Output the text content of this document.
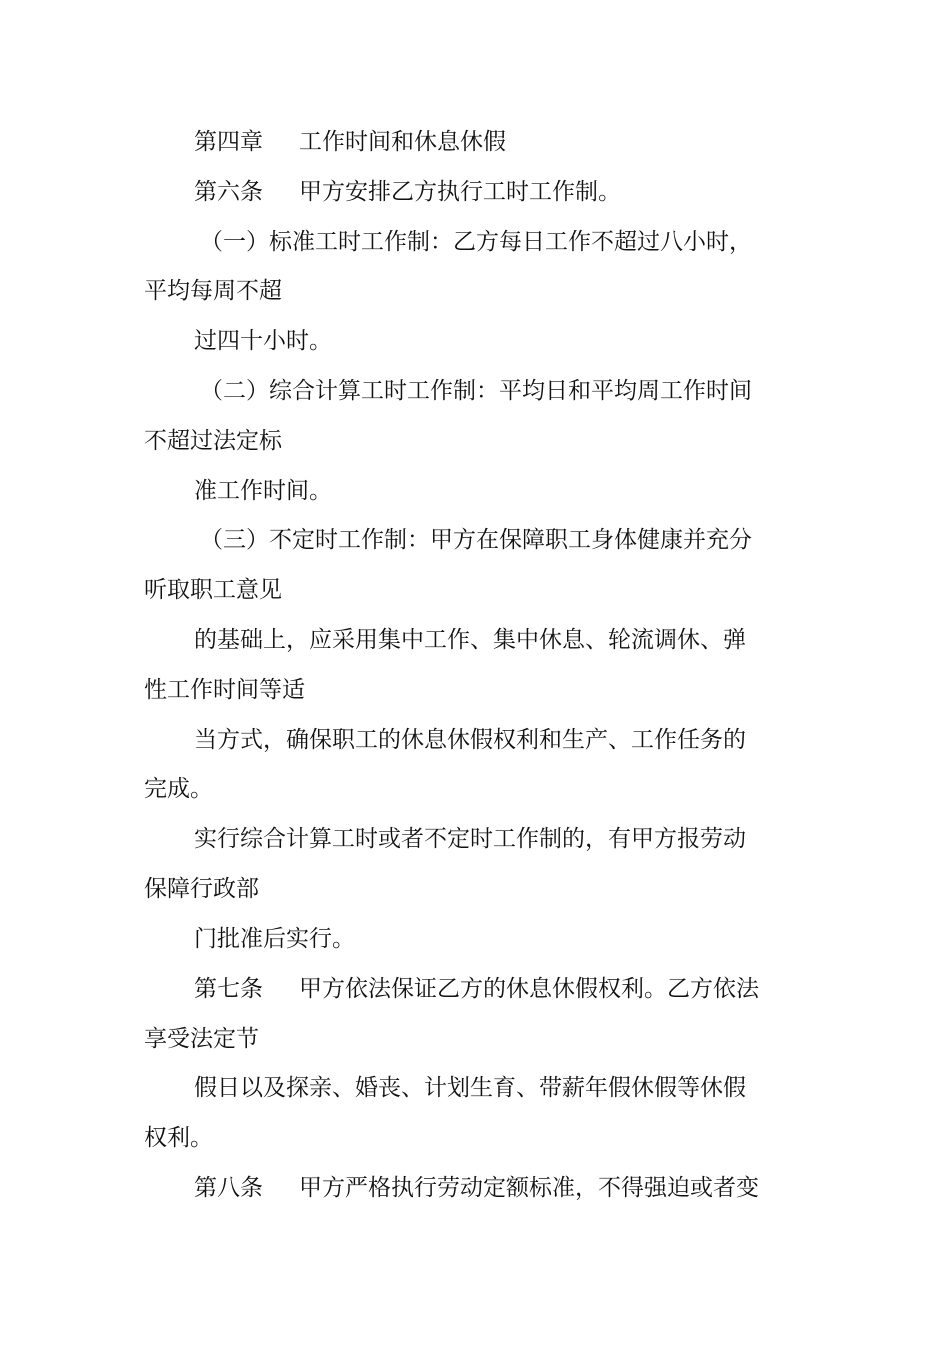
第四章 工作时间和休息休假
第六条 甲方安排乙方执行工时工作制。
（一）标准工时工作制：乙方每日工作不超过八小时，
平均每周不超
过四十小时。
（二）综合计算工时工作制：平均日和平均周工作时间
不超过法定标
准工作时间。
（三）不定时工作制：甲方在保障职工身体健康并充分
听取职工意见
的基础上，应采用集中工作、集中休息、轮流调休、弹
性工作时间等适
当方式，确保职工的休息休假权利和生产、工作任务的
完成。
实行综合计算工时或者不定时工作制的，有甲方报劳动
保障行政部
门批准后实行。
第七条 甲方依法保证乙方的休息休假权利。乙方依法
享受法定节
假日以及探亲、婚丧、计划生育、带薪年假休假等休假
权利。
第八条 甲方严格执行劳动定额标准，不得强迫或者变
